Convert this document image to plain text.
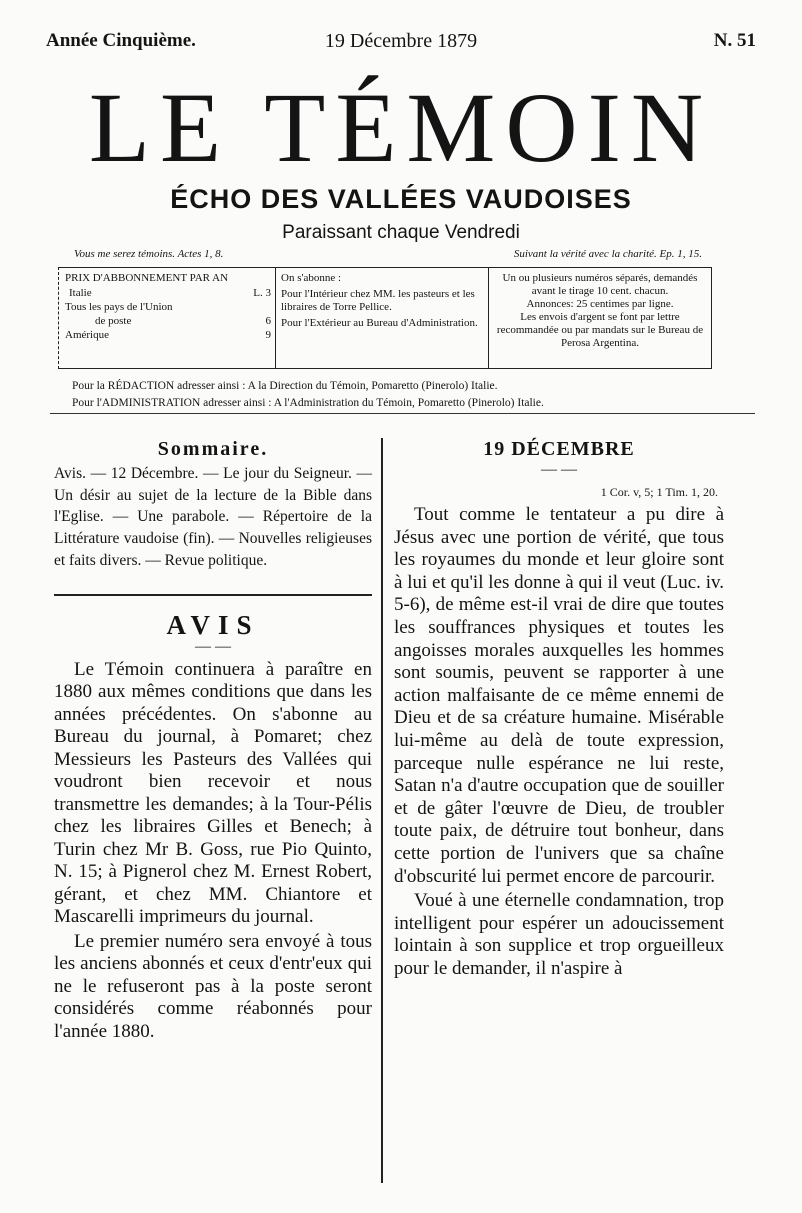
Année Cinquième.	19 Décembre 1879	N. 51
LE TÉMOIN
ÉCHO DES VALLÉES VAUDOISES
Paraissant chaque Vendredi
Vous me serez témoins. Actes 1, 8.	Suivant la vérité avec la charité. Ep. 1, 15.
PRIX D'ABBONNEMENT PAR AN
Italie	L. 3
Tous les pays de l'Union
de poste	6
Amérique	9

On s'abonne :

Pour l'Intérieur chez MM. les pasteurs et les libraires de Torre Pellice.

Pour l'Extérieur au Bureau d'Administration.

Un ou plusieurs numéros séparés, demandés avant le tirage 10 cent. chacun.

Annonces: 25 centimes par ligne.

Les envois d'argent se font par lettre recommandée ou par mandats sur le Bureau de Perosa Argentina.

Pour la RÉDACTION adresser ainsi : A la Direction du Témoin, Pomaretto (Pinerolo) Italie.
Pour l'ADMINISTRATION adresser ainsi : A l'Administration du Témoin, Pomaretto (Pinerolo) Italie.
Sommaire.

Avis. — 12 Décembre. — Le jour du Seigneur. — Un désir au sujet de la lecture de la Bible dans l'Eglise. — Une parabole. — Répertoire de la Littérature vaudoise (fin). — Nouvelles religieuses et faits divers. — Revue politique.

AVIS
— —

Le Témoin continuera à paraître en 1880 aux mêmes conditions que dans les années précédentes. On s'abonne au Bureau du journal, à Pomaret; chez Messieurs les Pasteurs des Vallées qui voudront bien recevoir et nous transmettre les demandes; à la Tour-Pélis chez les libraires Gilles et Benech; à Turin chez Mr B. Goss, rue Pio Quinto, N. 15; à Pignerol chez M. Ernest Robert, gérant, et chez MM. Chiantore et Mascarelli imprimeurs du journal.

Le premier numéro sera envoyé à tous les anciens abonnés et ceux d'entr'eux qui ne le refuseront pas à la poste seront considérés comme réabonnés pour l'année 1880.

19 DÉCEMBRE
— —
1 Cor. v, 5; 1 Tim. 1, 20.

Tout comme le tentateur a pu dire à Jésus avec une portion de vérité, que tous les royaumes du monde et leur gloire sont à lui et qu'il les donne à qui il veut (Luc. iv. 5-6), de même est-il vrai de dire que toutes les souffrances physiques et toutes les angoisses morales auxquelles les hommes sont soumis, peuvent se rapporter à une action malfaisante de ce même ennemi de Dieu et de sa créature humaine. Misérable lui-même au delà de toute expression, parceque nulle espérance ne lui reste, Satan n'a d'autre occupation que de souiller et de gâter l'œuvre de Dieu, de troubler toute paix, de détruire tout bonheur, dans cette portion de l'univers que sa chaîne d'obscurité lui permet encore de parcourir.

Voué à une éternelle condamnation, trop intelligent pour espérer un adoucissement lointain à son supplice et trop orgueilleux pour le demander, il n'aspire à
